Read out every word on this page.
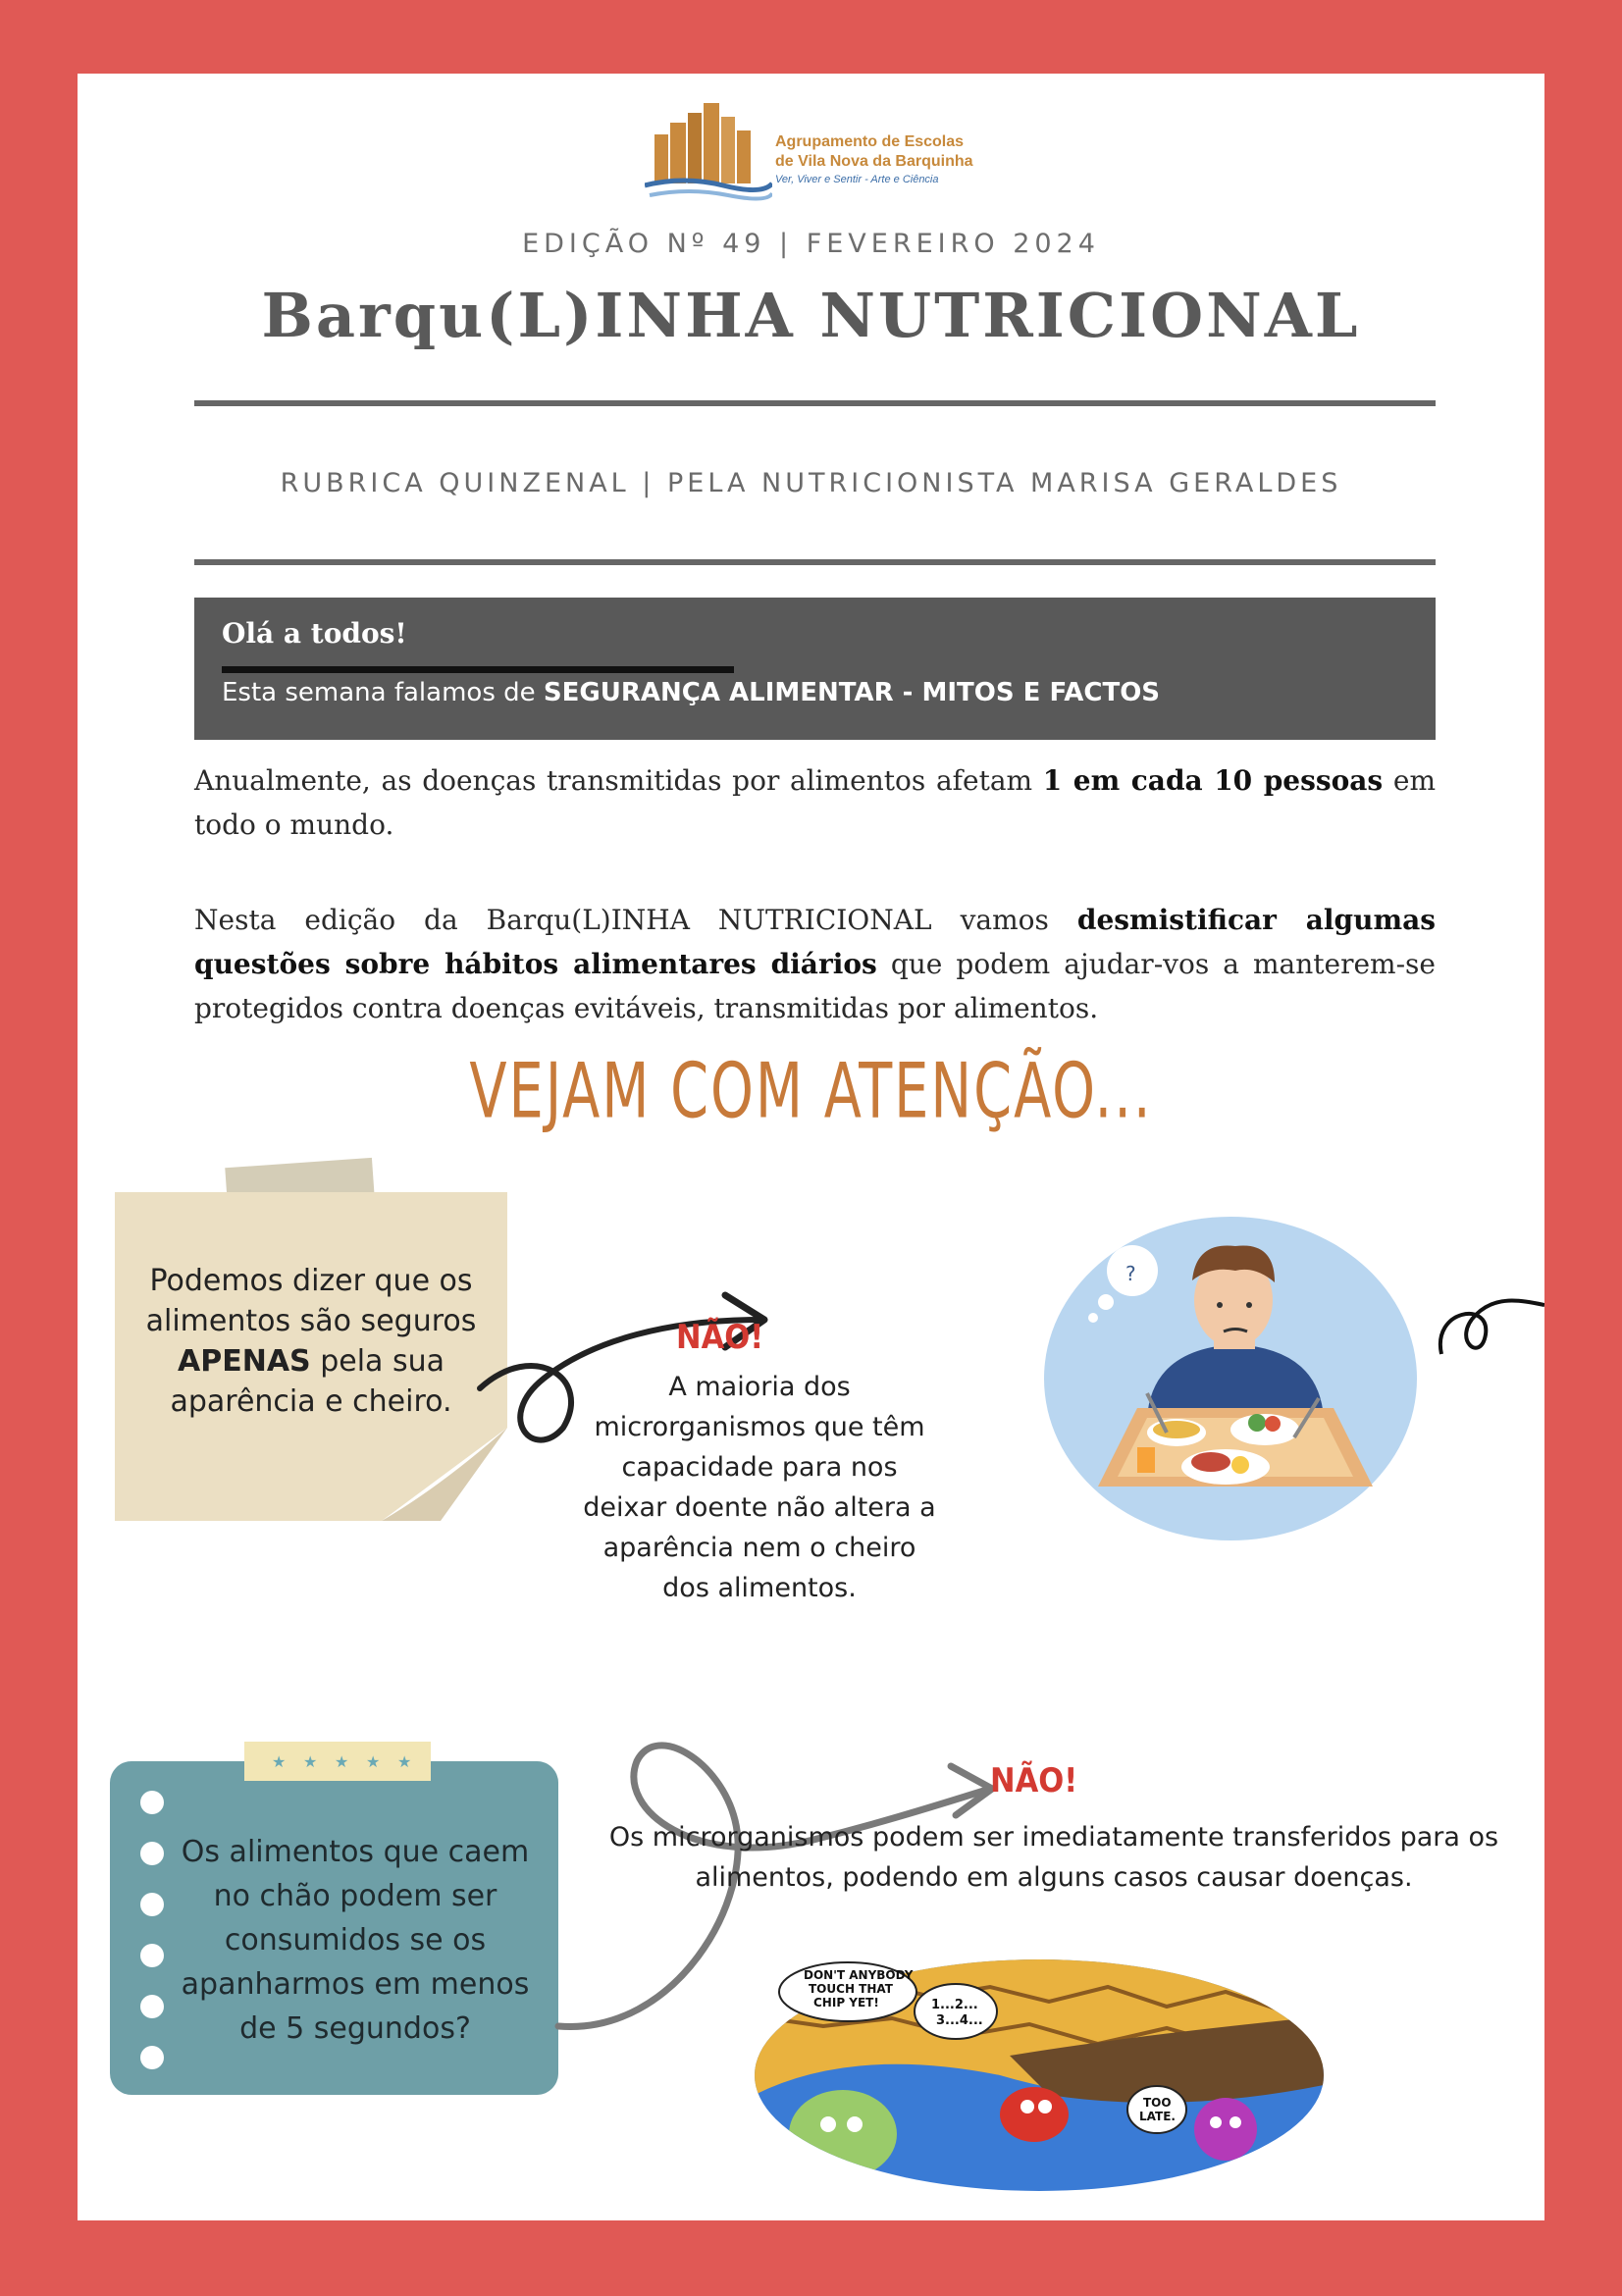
Agrupamento de Escolas
de Vila Nova da Barquinha
Ver, Viver e Sentir - Arte e Ciência
EDIÇÃO Nº 49 | FEVEREIRO 2024
Barqu(L)INHA NUTRICIONAL
RUBRICA QUINZENAL | PELA NUTRICIONISTA MARISA GERALDES
Olá a todos!
Esta semana falamos de SEGURANÇA ALIMENTAR - MITOS E FACTOS
Anualmente, as doenças transmitidas por alimentos afetam 1 em cada 10 pessoas em todo o mundo.
Nesta edição da Barqu(L)INHA NUTRICIONAL vamos desmistificar algumas questões sobre hábitos alimentares diários que podem ajudar-vos a manterem-se protegidos contra doenças evitáveis, transmitidas por alimentos.
VEJAM COM ATENÇÃO...
Podemos dizer que os alimentos são seguros APENAS pela sua aparência e cheiro.
NÃO!
A maioria dos microrganismos que têm capacidade para nos deixar doente não altera a aparência nem o cheiro dos alimentos.
?
Os alimentos que caem no chão podem ser consumidos se os apanharmos em menos de 5 segundos?
★ ★ ★ ★ ★	NÃO!
Os microrganismos podem ser imediatamente transferidos para os alimentos, podendo em alguns casos causar doenças.
DON'T ANYBODY TOUCH THAT CHIP YET!	1...2... 3...4...
TOO LATE.
